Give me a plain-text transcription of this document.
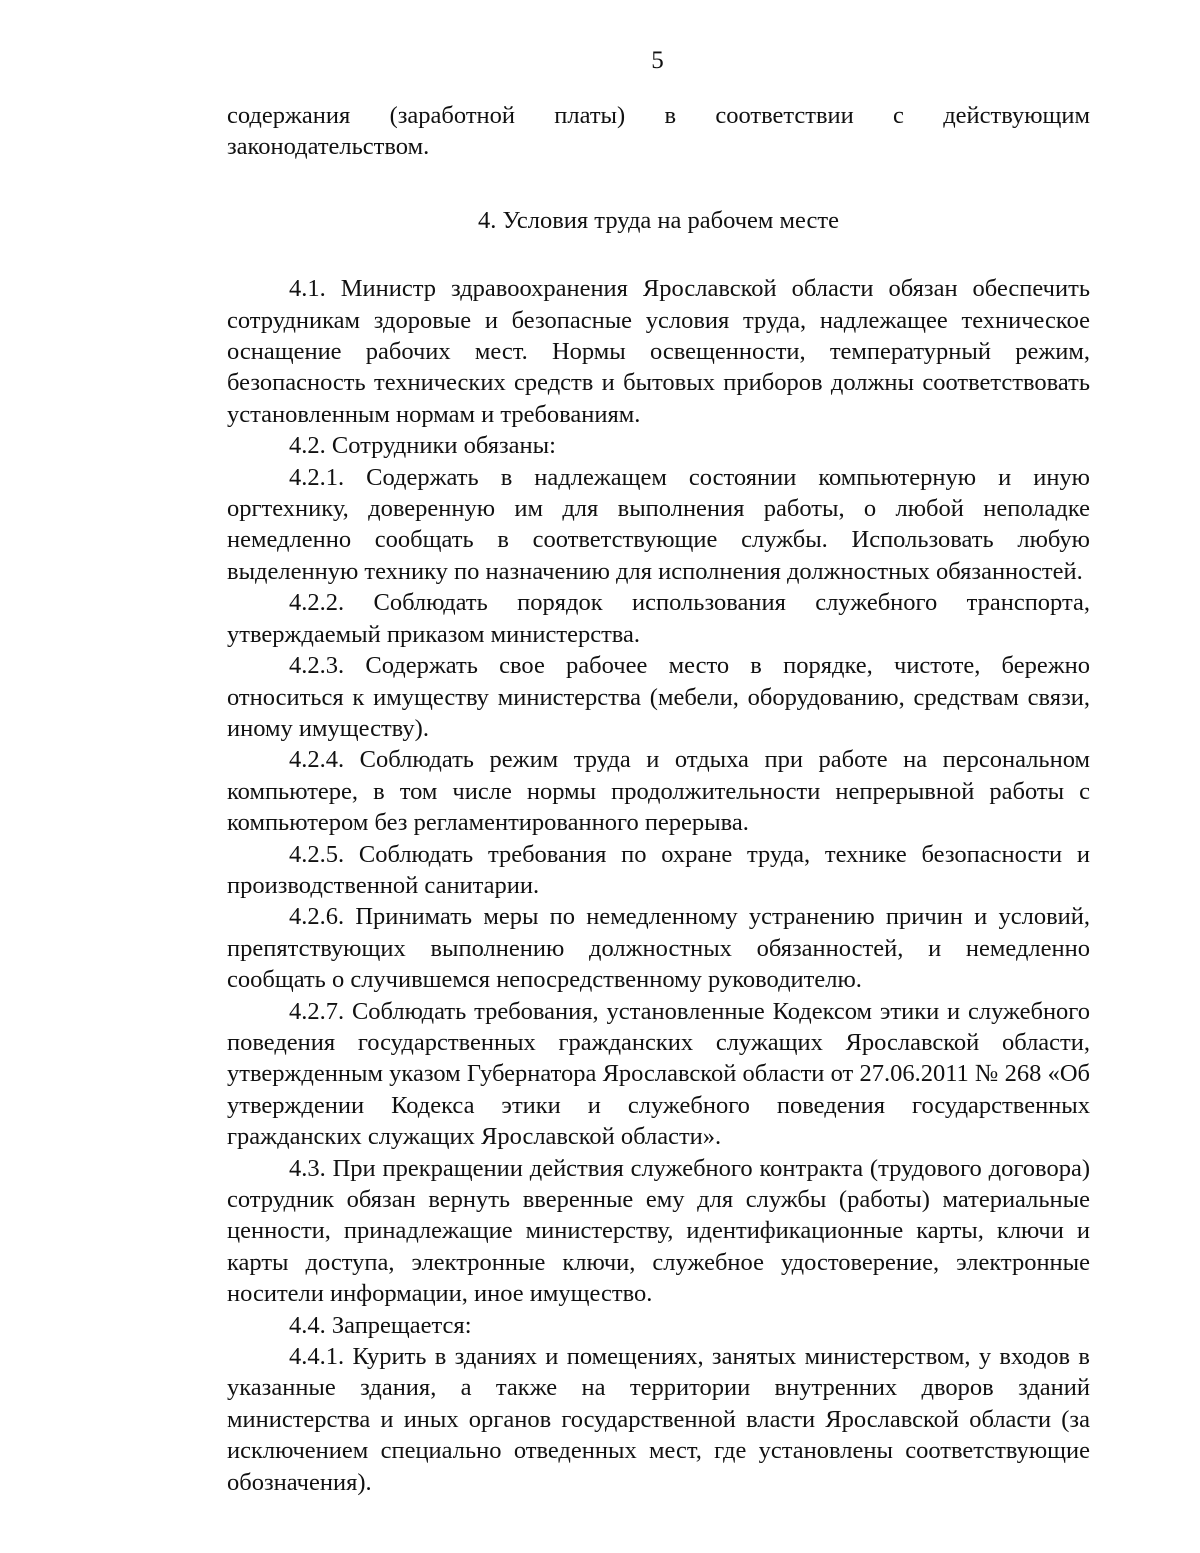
5

содержания (заработной платы) в соответствии с действующим законодательством.

4. Условия труда на рабочем месте

4.1. Министр здравоохранения Ярославской области обязан обеспечить сотрудникам здоровые и безопасные условия труда, надлежащее техническое оснащение рабочих мест. Нормы освещенности, температурный режим, безопасность технических средств и бытовых приборов должны соответствовать установленным нормам и требованиям.

4.2. Сотрудники обязаны:

4.2.1. Содержать в надлежащем состоянии компьютерную и иную оргтехнику, доверенную им для выполнения работы, о любой неполадке немедленно сообщать в соответствующие службы. Использовать любую выделенную технику по назначению для исполнения должностных обязанностей.

4.2.2. Соблюдать порядок использования служебного транспорта, утверждаемый приказом министерства.

4.2.3. Содержать свое рабочее место в порядке, чистоте, бережно относиться к имуществу министерства (мебели, оборудованию, средствам связи, иному имуществу).

4.2.4. Соблюдать режим труда и отдыха при работе на персональном компьютере, в том числе нормы продолжительности непрерывной работы с компьютером без регламентированного перерыва.

4.2.5. Соблюдать требования по охране труда, технике безопасности и производственной санитарии.

4.2.6. Принимать меры по немедленному устранению причин и условий, препятствующих выполнению должностных обязанностей, и немедленно сообщать о случившемся непосредственному руководителю.

4.2.7. Соблюдать требования, установленные Кодексом этики и служебного поведения государственных гражданских служащих Ярославской области, утвержденным указом Губернатора Ярославской области от 27.06.2011 № 268 «Об утверждении Кодекса этики и служебного поведения государственных гражданских служащих Ярославской области».

4.3. При прекращении действия служебного контракта (трудового договора) сотрудник обязан вернуть вверенные ему для службы (работы) материальные ценности, принадлежащие министерству, идентификационные карты, ключи и карты доступа, электронные ключи, служебное удостоверение, электронные носители информации, иное имущество.

4.4. Запрещается:

4.4.1. Курить в зданиях и помещениях, занятых министерством, у входов в указанные здания, а также на территории внутренних дворов зданий министерства и иных органов государственной власти Ярославской области (за исключением специально отведенных мест, где установлены соответствующие обозначения).
